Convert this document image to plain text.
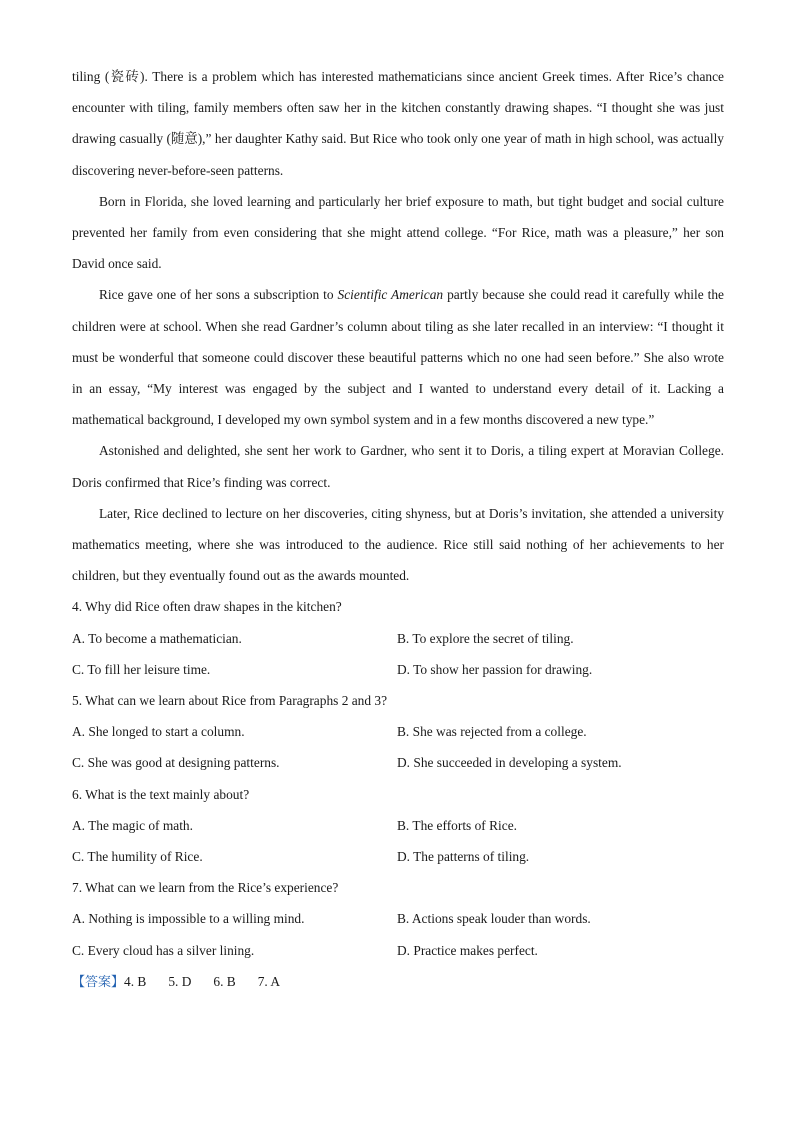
tiling (瓷砖). There is a problem which has interested mathematicians since ancient Greek times. After Rice’s chance encounter with tiling, family members often saw her in the kitchen constantly drawing shapes. “I thought she was just drawing casually (随意),” her daughter Kathy said. But Rice who took only one year of math in high school, was actually discovering never-before-seen patterns.

Born in Florida, she loved learning and particularly her brief exposure to math, but tight budget and social culture prevented her family from even considering that she might attend college. “For Rice, math was a pleasure,” her son David once said.

Rice gave one of her sons a subscription to Scientific American partly because she could read it carefully while the children were at school. When she read Gardner’s column about tiling as she later recalled in an interview: “I thought it must be wonderful that someone could discover these beautiful patterns which no one had seen before.” She also wrote in an essay, “My interest was engaged by the subject and I wanted to understand every detail of it. Lacking a mathematical background, I developed my own symbol system and in a few months discovered a new type.”

Astonished and delighted, she sent her work to Gardner, who sent it to Doris, a tiling expert at Moravian College. Doris confirmed that Rice’s finding was correct.

Later, Rice declined to lecture on her discoveries, citing shyness, but at Doris’s invitation, she attended a university mathematics meeting, where she was introduced to the audience. Rice still said nothing of her achievements to her children, but they eventually found out as the awards mounted.

4. Why did Rice often draw shapes in the kitchen?

A. To become a mathematician.	B. To explore the secret of tiling.
C. To fill her leisure time.	D. To show her passion for drawing.

5. What can we learn about Rice from Paragraphs 2 and 3?

A. She longed to start a column.	B. She was rejected from a college.
C. She was good at designing patterns.	D. She succeeded in developing a system.

6. What is the text mainly about?

A. The magic of math.	B. The efforts of Rice.
C. The humility of Rice.	D. The patterns of tiling.

7. What can we learn from the Rice’s experience?

A. Nothing is impossible to a willing mind.	B. Actions speak louder than words.
C. Every cloud has a silver lining.	D. Practice makes perfect.

【答案】4. B 5. D 6. B 7. A
